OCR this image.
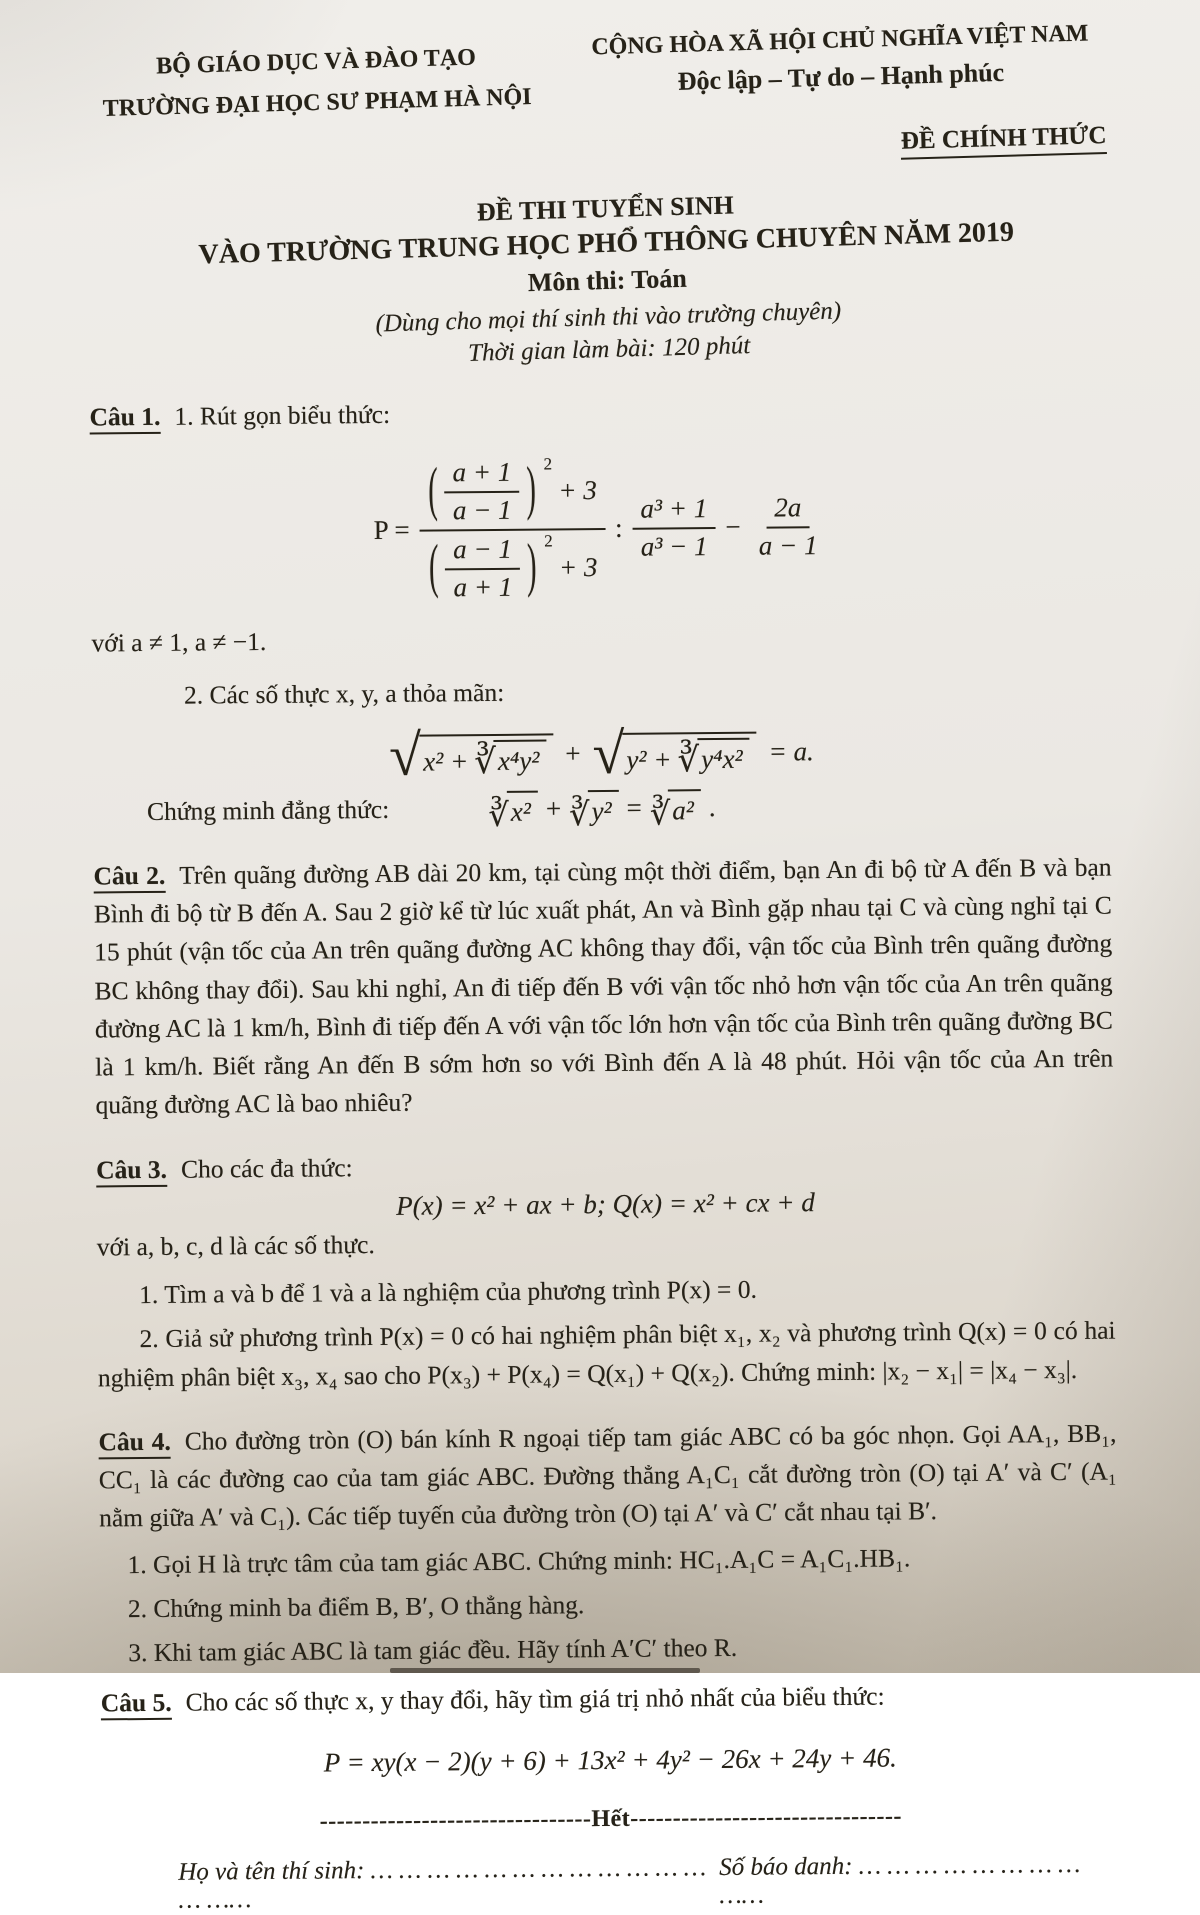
BỘ GIÁO DỤC VÀ ĐÀO TẠO
TRƯỜNG ĐẠI HỌC SƯ PHẠM HÀ NỘI
CỘNG HÒA XÃ HỘI CHỦ NGHĨA VIỆT NAM
Độc lập – Tự do – Hạnh phúc
ĐỀ CHÍNH THỨC
ĐỀ THI TUYỂN SINH
VÀO TRƯỜNG TRUNG HỌC PHỔ THÔNG CHUYÊN NĂM 2019
Môn thi: Toán
(Dùng cho mọi thí sinh thi vào trường chuyên)
Thời gian làm bài: 120 phút

Câu 1. 1. Rút gọn biểu thức:

P =
( $\frac{a + 1}{a - 1}$ ) 2
+ 3
( $\frac{a - 1}{a + 1}$ ) 2
+ 3
: $\frac{\text{a³ + 1}}{\text{a³ − 1}} - \frac{2a}{a - 1}$

với a ≠ 1, a ≠ −1.

2. Các số thực x, y, a thỏa mãn:

√ x² + ∛ x⁴y² + √ y² + ∛ y⁴x² = a.
Chứng minh đẳng thức:	∛ x² + ∛ y² = ∛ a² .

Câu 2. Trên quãng đường AB dài 20 km, tại cùng một thời điểm, bạn An đi bộ từ A đến B và bạn Bình đi bộ từ B đến A. Sau 2 giờ kể từ lúc xuất phát, An và Bình gặp nhau tại C và cùng nghỉ tại C 15 phút (vận tốc của An trên quãng đường AC không thay đổi, vận tốc của Bình trên quãng đường BC không thay đổi). Sau khi nghỉ, An đi tiếp đến B với vận tốc nhỏ hơn vận tốc của An trên quãng đường AC là 1 km/h, Bình đi tiếp đến A với vận tốc lớn hơn vận tốc của Bình trên quãng đường BC là 1 km/h. Biết rằng An đến B sớm hơn so với Bình đến A là 48 phút. Hỏi vận tốc của An trên quãng đường AC là bao nhiêu?

Câu 3. Cho các đa thức:

P(x) = x² + ax + b; Q(x) = x² + cx + d

với a, b, c, d là các số thực.

1. Tìm a và b để 1 và a là nghiệm của phương trình P(x) = 0.

2. Giả sử phương trình P(x) = 0 có hai nghiệm phân biệt x₁, x₂ và phương trình Q(x) = 0 có hai nghiệm phân biệt x₃, x₄ sao cho P(x₃) + P(x₄) = Q(x₁) + Q(x₂). Chứng minh: |x₂ − x₁| = |x₄ − x₃|.

Câu 4. Cho đường tròn (O) bán kính R ngoại tiếp tam giác ABC có ba góc nhọn. Gọi AA₁, BB₁, CC₁ là các đường cao của tam giác ABC. Đường thẳng A₁C₁ cắt đường tròn (O) tại A′ và C′ (A₁ nằm giữa A′ và C₁). Các tiếp tuyến của đường tròn (O) tại A′ và C′ cắt nhau tại B′.

1. Gọi H là trực tâm của tam giác ABC. Chứng minh: HC₁.A₁C = A₁C₁.HB₁.

2. Chứng minh ba điểm B, B′, O thẳng hàng.

3. Khi tam giác ABC là tam giác đều. Hãy tính A′C′ theo R.

Câu 5. Cho các số thực x, y thay đổi, hãy tìm giá trị nhỏ nhất của biểu thức:

P = xy(x − 2)(y + 6) + 13x² + 4y² − 26x + 24y + 46.
--------------------------------Hết--------------------------------
Họ và tên thí sinh: … … … … … … … … … … … … … ……
Số báo danh: … … … … … … … … ……
